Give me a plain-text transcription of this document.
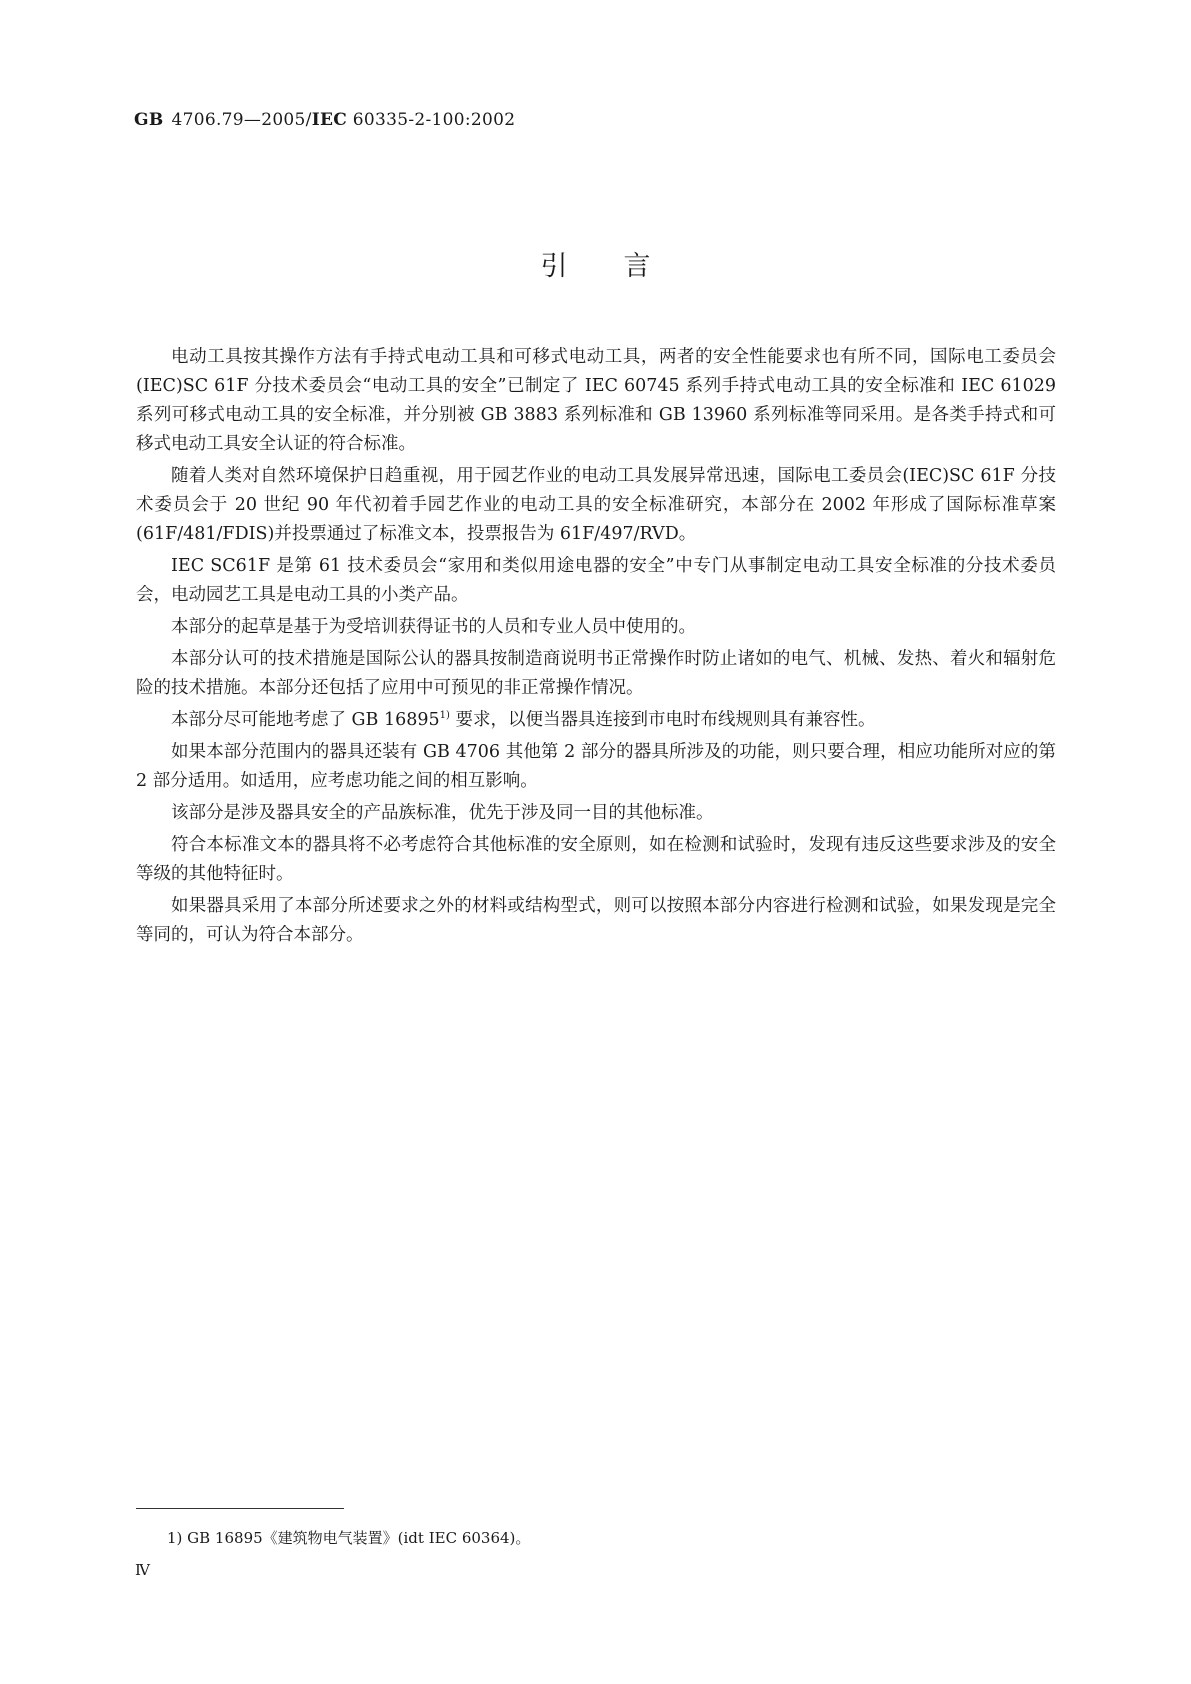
GB 4706.79—2005/IEC 60335-2-100:2002
引言

电动工具按其操作方法有手持式电动工具和可移式电动工具，两者的安全性能要求也有所不同，国际电工委员会(IEC)SC 61F 分技术委员会“电动工具的安全”已制定了 IEC 60745 系列手持式电动工具的安全标准和 IEC 61029 系列可移式电动工具的安全标准，并分别被 GB 3883 系列标准和 GB 13960 系列标准等同采用。是各类手持式和可移式电动工具安全认证的符合标准。

随着人类对自然环境保护日趋重视，用于园艺作业的电动工具发展异常迅速，国际电工委员会(IEC)SC 61F 分技术委员会于 20 世纪 90 年代初着手园艺作业的电动工具的安全标准研究，本部分在 2002 年形成了国际标准草案(61F/481/FDIS)并投票通过了标准文本，投票报告为 61F/497/RVD。

IEC SC61F 是第 61 技术委员会“家用和类似用途电器的安全”中专门从事制定电动工具安全标准的分技术委员会，电动园艺工具是电动工具的小类产品。

本部分的起草是基于为受培训获得证书的人员和专业人员中使用的。

本部分认可的技术措施是国际公认的器具按制造商说明书正常操作时防止诸如的电气、机械、发热、着火和辐射危险的技术措施。本部分还包括了应用中可预见的非正常操作情况。

本部分尽可能地考虑了 GB 16895$^{1)}$ 要求，以便当器具连接到市电时布线规则具有兼容性。

如果本部分范围内的器具还装有 GB 4706 其他第 2 部分的器具所涉及的功能，则只要合理，相应功能所对应的第 2 部分适用。如适用，应考虑功能之间的相互影响。

该部分是涉及器具安全的产品族标准，优先于涉及同一目的其他标准。

符合本标准文本的器具将不必考虑符合其他标准的安全原则，如在检测和试验时，发现有违反这些要求涉及的安全等级的其他特征时。

如果器具采用了本部分所述要求之外的材料或结构型式，则可以按照本部分内容进行检测和试验，如果发现是完全等同的，可认为符合本部分。

1) GB 16895《建筑物电气装置》(idt IEC 60364)。
Ⅳ
